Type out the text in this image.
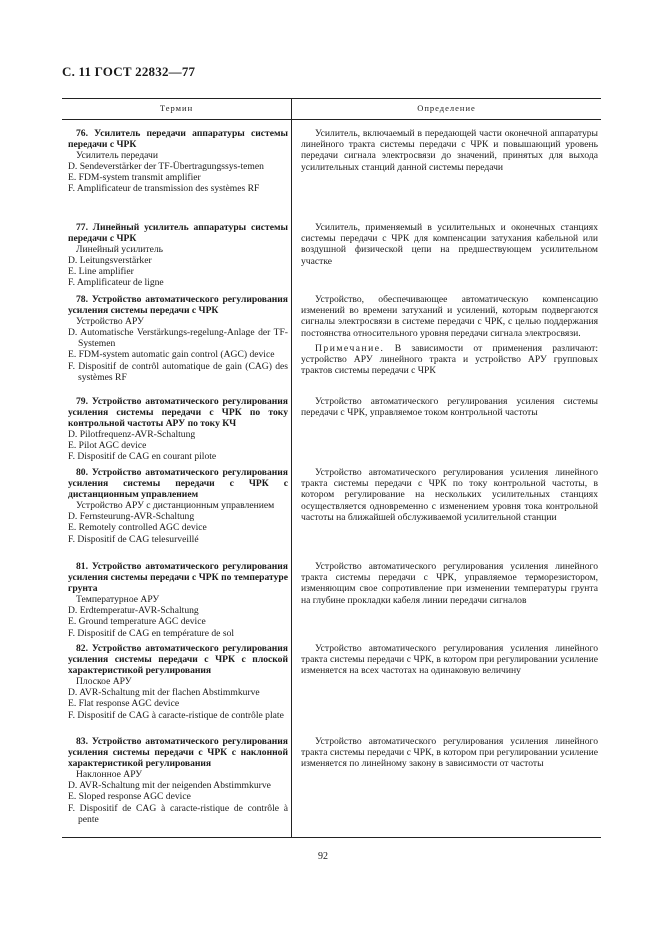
С. 11 ГОСТ 22832—77
Термин	Определение
76. Усилитель передачи аппаратуры системы передачи с ЧРК
Усилитель передачи
D. Sendeverstärker der TF-Übertragungssys-temen
E. FDM-system transmit amplifier
F. Amplificateur de transmission des systèmes RF
Усилитель, включаемый в передающей части оконечной аппаратуры линейного тракта системы передачи с ЧРК и повышающий уровень передачи сигнала электросвязи до значений, принятых для выхода усилительных станций данной системы передачи
77. Линейный усилитель аппаратуры системы передачи с ЧРК
Линейный усилитель
D. Leitungsverstärker
E. Line amplifier
F. Amplificateur de ligne
Усилитель, применяемый в усилительных и оконечных станциях системы передачи с ЧРК для компенсации затухания кабельной или воздушной физической цепи на предшествующем усилительном участке
78. Устройство автоматического регулирования усиления системы передачи с ЧРК
Устройство АРУ
D. Automatische Verstärkungs-regelung-Anlage der TF-Systemen
E. FDM-system automatic gain control (AGC) device
F. Dispositif de contrôl automatique de gain (CAG) des systèmes RF
Устройство, обеспечивающее автоматическую компенсацию изменений во времени затуханий и усилений, которым подвергаются сигналы электросвязи в системе передачи с ЧРК, с целью поддержания постоянства относительного уровня передачи сигнала электросвязи.
Примечание. В зависимости от применения различают: устройство АРУ линейного тракта и устройство АРУ групповых трактов системы передачи с ЧРК
79. Устройство автоматического регулирования усиления системы передачи с ЧРК по току контрольной частоты АРУ по току КЧ
D. Pilotfrequenz-AVR-Schaltung
E. Pilot AGC device
F. Dispositif de CAG en courant pilote
Устройство автоматического регулирования усиления системы передачи с ЧРК, управляемое током контрольной частоты
80. Устройство автоматического регулирования усиления системы передачи с ЧРК с дистанционным управлением
Устройство АРУ с дистанционным управлением
D. Fernsteurung-AVR-Schaltung
E. Remotely controlled AGC device
F. Dispositif de CAG telesurveillé
Устройство автоматического регулирования усиления линейного тракта системы передачи с ЧРК по току контрольной частоты, в котором регулирование на нескольких усилительных станциях осуществляется одновременно с изменением уровня тока контрольной частоты на ближайшей обслуживаемой усилительной станции
81. Устройство автоматического регулирования усиления системы передачи с ЧРК по температуре грунта
Температурное АРУ
D. Erdtemperatur-AVR-Schaltung
E. Ground temperature AGC device
F. Dispositif de CAG en température de sol
Устройство автоматического регулирования усиления линейного тракта системы передачи с ЧРК, управляемое терморезистором, изменяющим свое сопротивление при изменении температуры грунта на глубине прокладки кабеля линии передачи сигналов
82. Устройство автоматического регулирования усиления системы передачи с ЧРК с плоской характеристикой регулирования
Плоское АРУ
D. AVR-Schaltung mit der flachen Abstimmkurve
E. Flat response AGC device
F. Dispositif de CAG à caracte-ristique de contrôle plate
Устройство автоматического регулирования усиления линейного тракта системы передачи с ЧРК, в котором при регулировании усиление изменяется на всех частотах на одинаковую величину
83. Устройство автоматического регулирования усиления системы передачи с ЧРК с наклонной характеристикой регулирования
Наклонное АРУ
D. AVR-Schaltung mit der neigenden Abstimmkurve
E. Sloped response AGC device
F. Dispositif de CAG à caracte-ristique de contrôle à pente
Устройство автоматического регулирования усиления линейного тракта системы передачи с ЧРК, в котором при регулировании усиление изменяется по линейному закону в зависимости от частоты
92
